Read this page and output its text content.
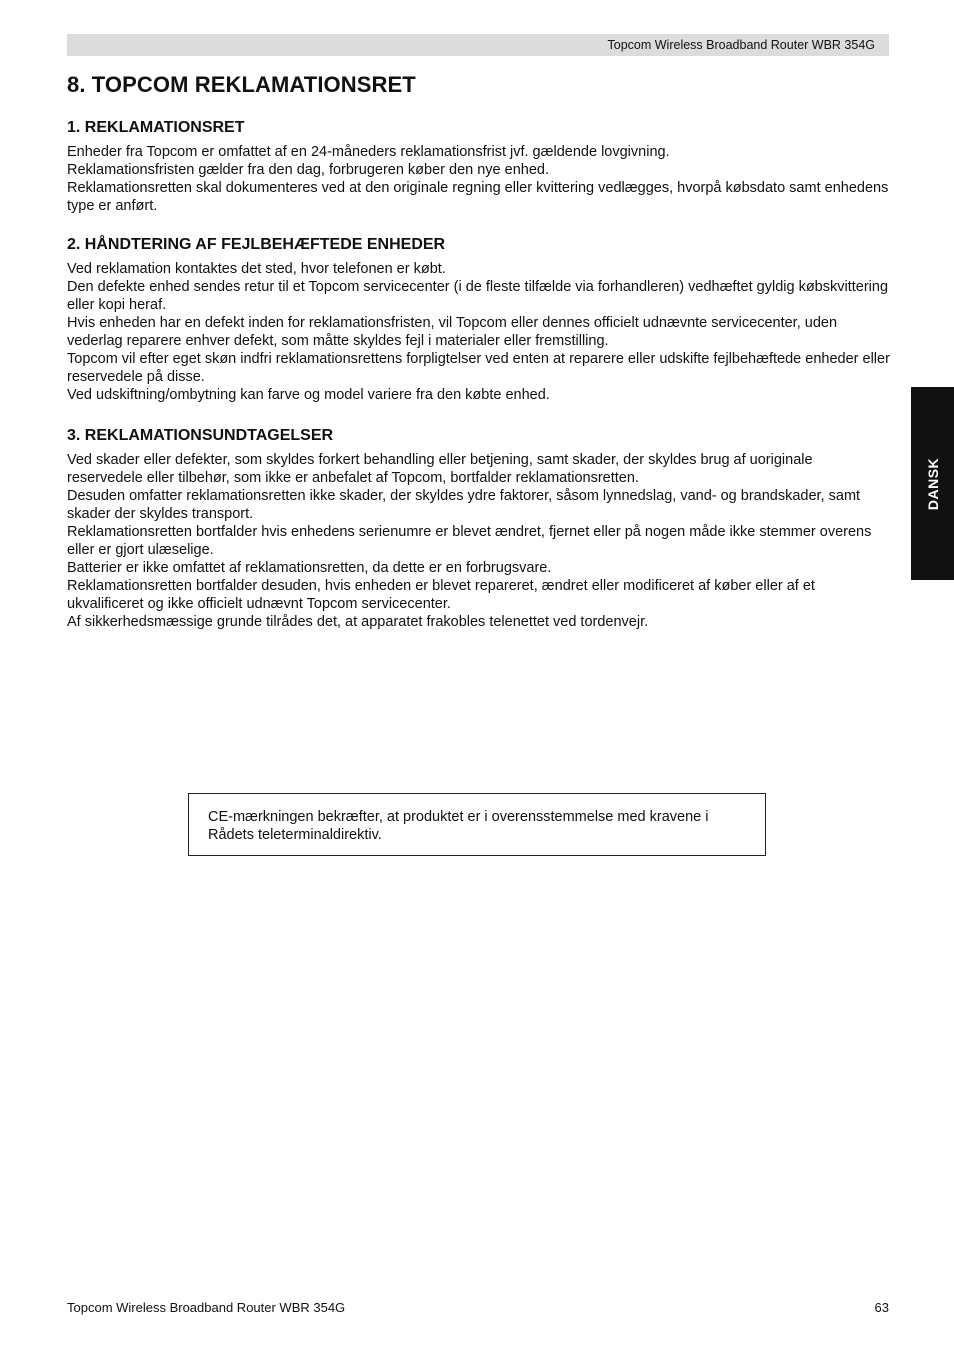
Topcom Wireless Broadband Router WBR 354G
8. TOPCOM REKLAMATIONSRET
1. REKLAMATIONSRET

Enheder fra Topcom er omfattet af en 24-måneders reklamationsfrist jvf. gældende lovgivning.

Reklamationsfristen gælder fra den dag, forbrugeren køber den nye enhed.

Reklamationsretten skal dokumenteres ved at den originale regning eller kvittering vedlægges, hvorpå købsdato samt enhedens type er anført.

2. HÅNDTERING AF FEJLBEHÆFTEDE ENHEDER

Ved reklamation kontaktes det sted, hvor telefonen er købt.

Den defekte enhed sendes retur til et Topcom servicecenter (i de fleste tilfælde via forhandleren) vedhæftet gyldig købskvittering eller kopi heraf.

Hvis enheden har en defekt inden for reklamationsfristen, vil Topcom eller dennes officielt udnævnte servicecenter, uden vederlag reparere enhver defekt, som måtte skyldes fejl i materialer eller fremstilling.

Topcom vil efter eget skøn indfri reklamationsrettens forpligtelser ved enten at reparere eller udskifte fejlbehæftede enheder eller reservedele på disse.

Ved udskiftning/ombytning kan farve og model variere fra den købte enhed.

3. REKLAMATIONSUNDTAGELSER

Ved skader eller defekter, som skyldes forkert behandling eller betjening, samt skader, der skyldes brug af uoriginale reservedele eller tilbehør, som ikke er anbefalet af Topcom, bortfalder reklamationsretten.

Desuden omfatter reklamationsretten ikke skader, der skyldes ydre faktorer, såsom lynnedslag, vand- og brandskader, samt skader der skyldes transport.

Reklamationsretten bortfalder hvis enhedens serienumre er blevet ændret, fjernet eller på nogen måde ikke stemmer overens eller er gjort ulæselige.

Batterier er ikke omfattet af reklamationsretten, da dette er en forbrugsvare.

Reklamationsretten bortfalder desuden, hvis enheden er blevet repareret, ændret eller modificeret af køber eller af et ukvalificeret og ikke officielt udnævnt Topcom servicecenter.

Af sikkerhedsmæssige grunde tilrådes det, at apparatet frakobles telenettet ved tordenvejr.

DANSK
CE-mærkningen bekræfter, at produktet er i overensstemmelse med kravene i Rådets teleterminaldirektiv.
Topcom Wireless Broadband Router WBR 354G	63
